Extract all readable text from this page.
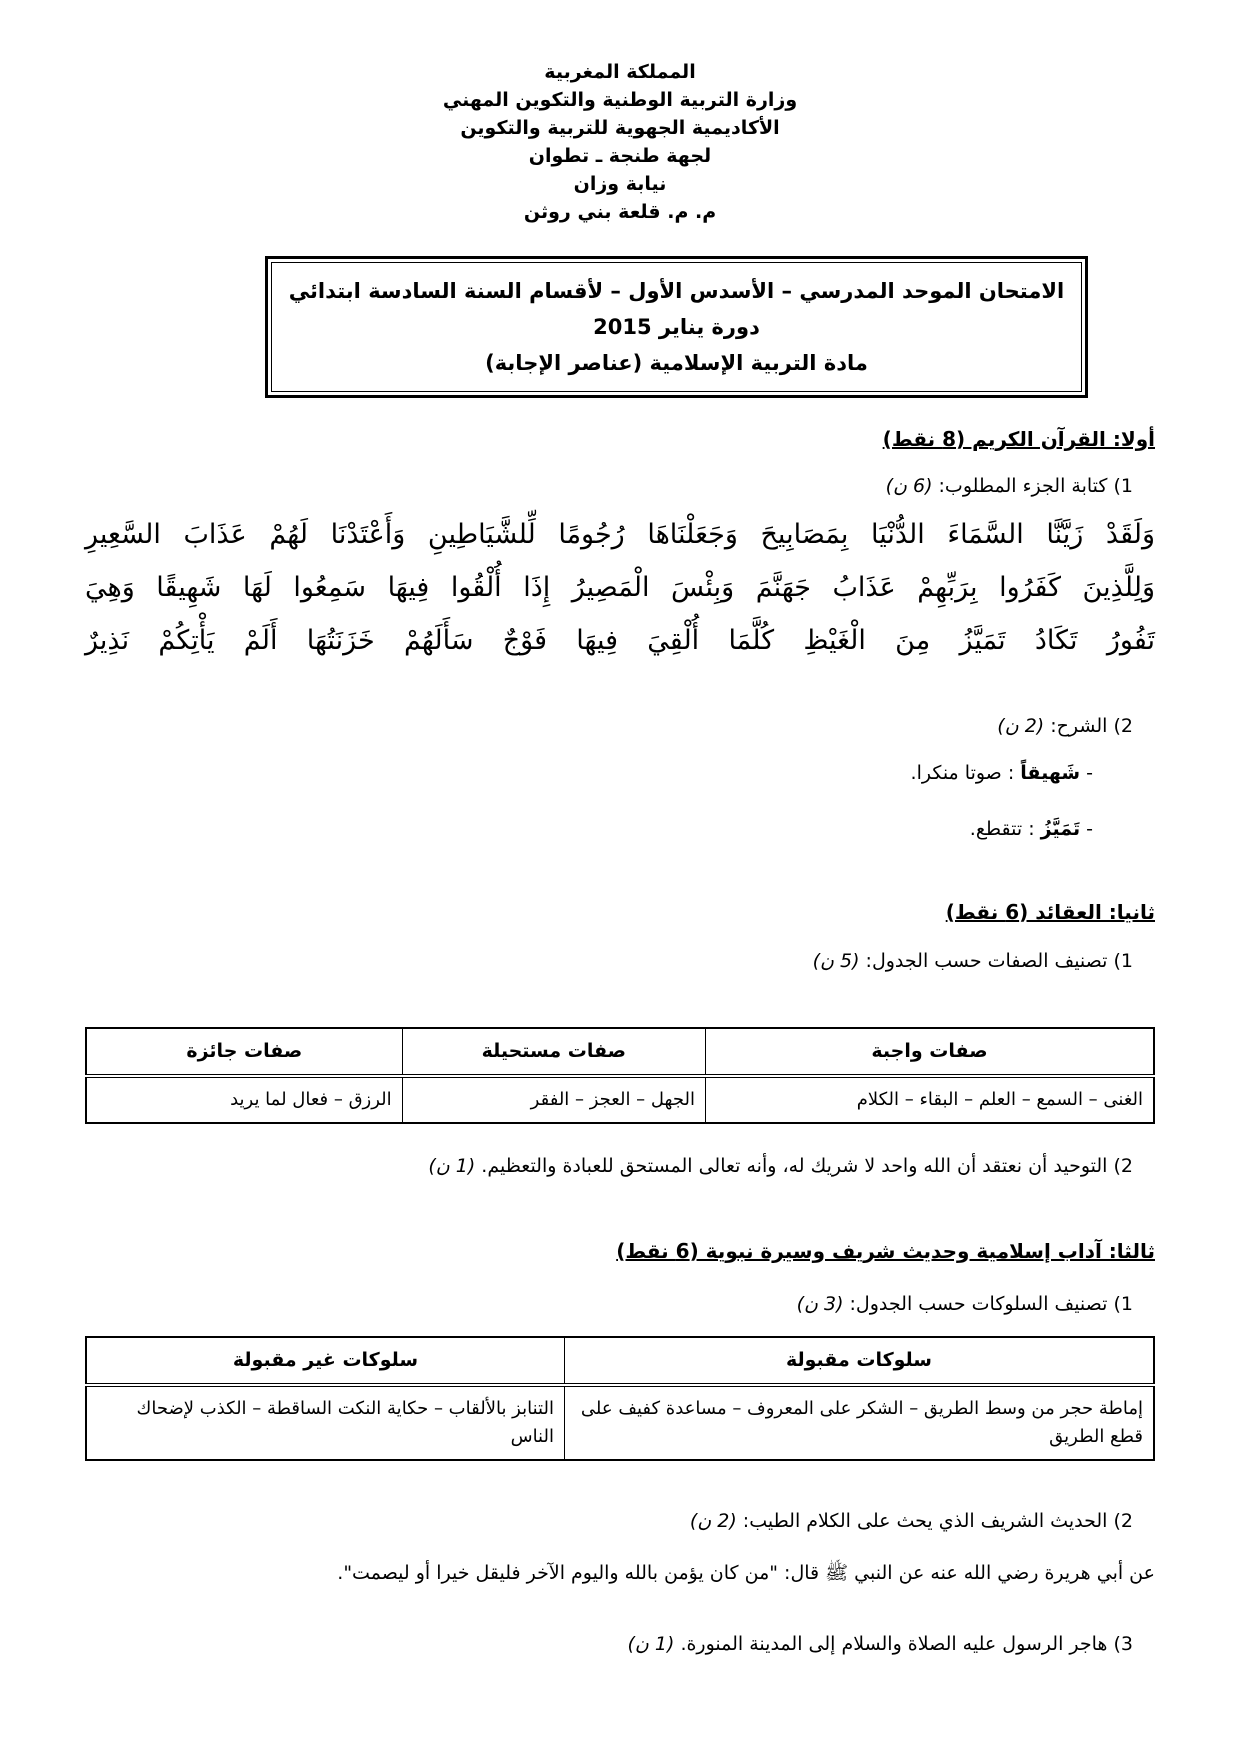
المملكة المغربية
وزارة التربية الوطنية والتكوين المهني
الأكاديمية الجهوية للتربية والتكوين
لجهة طنجة ـ تطوان
نيابة وزان
م. م. قلعة بني روثن
الامتحان الموحد المدرسي – الأسدس الأول – لأقسام السنة السادسة ابتدائي
دورة يناير 2015
مادة التربية الإسلامية (عناصر الإجابة)
أولا: القرآن الكريم (8 نقط)
1) كتابة الجزء المطلوب: (6 ن)
وَلَقَدْ زَيَّنَّا السَّمَاءَ الدُّنْيَا بِمَصَابِيحَ وَجَعَلْنَاهَا رُجُومًا لِّلشَّيَاطِينِ وَأَعْتَدْنَا لَهُمْ عَذَابَ السَّعِيرِ
وَلِلَّذِينَ كَفَرُوا بِرَبِّهِمْ عَذَابُ جَهَنَّمَ وَبِئْسَ الْمَصِيرُ إِذَا أُلْقُوا فِيهَا سَمِعُوا لَهَا شَهِيقًا وَهِيَ
تَفُورُ تَكَادُ تَمَيَّزُ مِنَ الْغَيْظِ كُلَّمَا أُلْقِيَ فِيهَا فَوْجٌ سَأَلَهُمْ خَزَنَتُهَا أَلَمْ يَأْتِكُمْ نَذِيرٌ
2) الشرح: (2 ن)
- شَهيقاً : صوتا منكرا.
- تَمَيَّزُ : تتقطع.
ثانيا: العقائد (6 نقط)
1) تصنيف الصفات حسب الجدول: (5 ن)
صفات واجبة	صفات مستحيلة	صفات جائزة
الغنى – السمع – العلم – البقاء – الكلام	الجهل – العجز – الفقر	الرزق – فعال لما يريد
2) التوحيد أن نعتقد أن الله واحد لا شريك له، وأنه تعالى المستحق للعبادة والتعظيم. (1 ن)
ثالثا: آداب إسلامية وحديث شريف وسيرة نبوية (6 نقط)
1) تصنيف السلوكات حسب الجدول: (3 ن)
سلوكات مقبولة	سلوكات غير مقبولة
إماطة حجر من وسط الطريق – الشكر على المعروف – مساعدة كفيف على قطع الطريق	التنابز بالألقاب – حكاية النكت الساقطة – الكذب لإضحاك الناس
2) الحديث الشريف الذي يحث على الكلام الطيب: (2 ن)
عن أبي هريرة رضي الله عنه عن النبي ﷺ قال: "من كان يؤمن بالله واليوم الآخر فليقل خيرا أو ليصمت".
3) هاجر الرسول عليه الصلاة والسلام إلى المدينة المنورة. (1 ن)
